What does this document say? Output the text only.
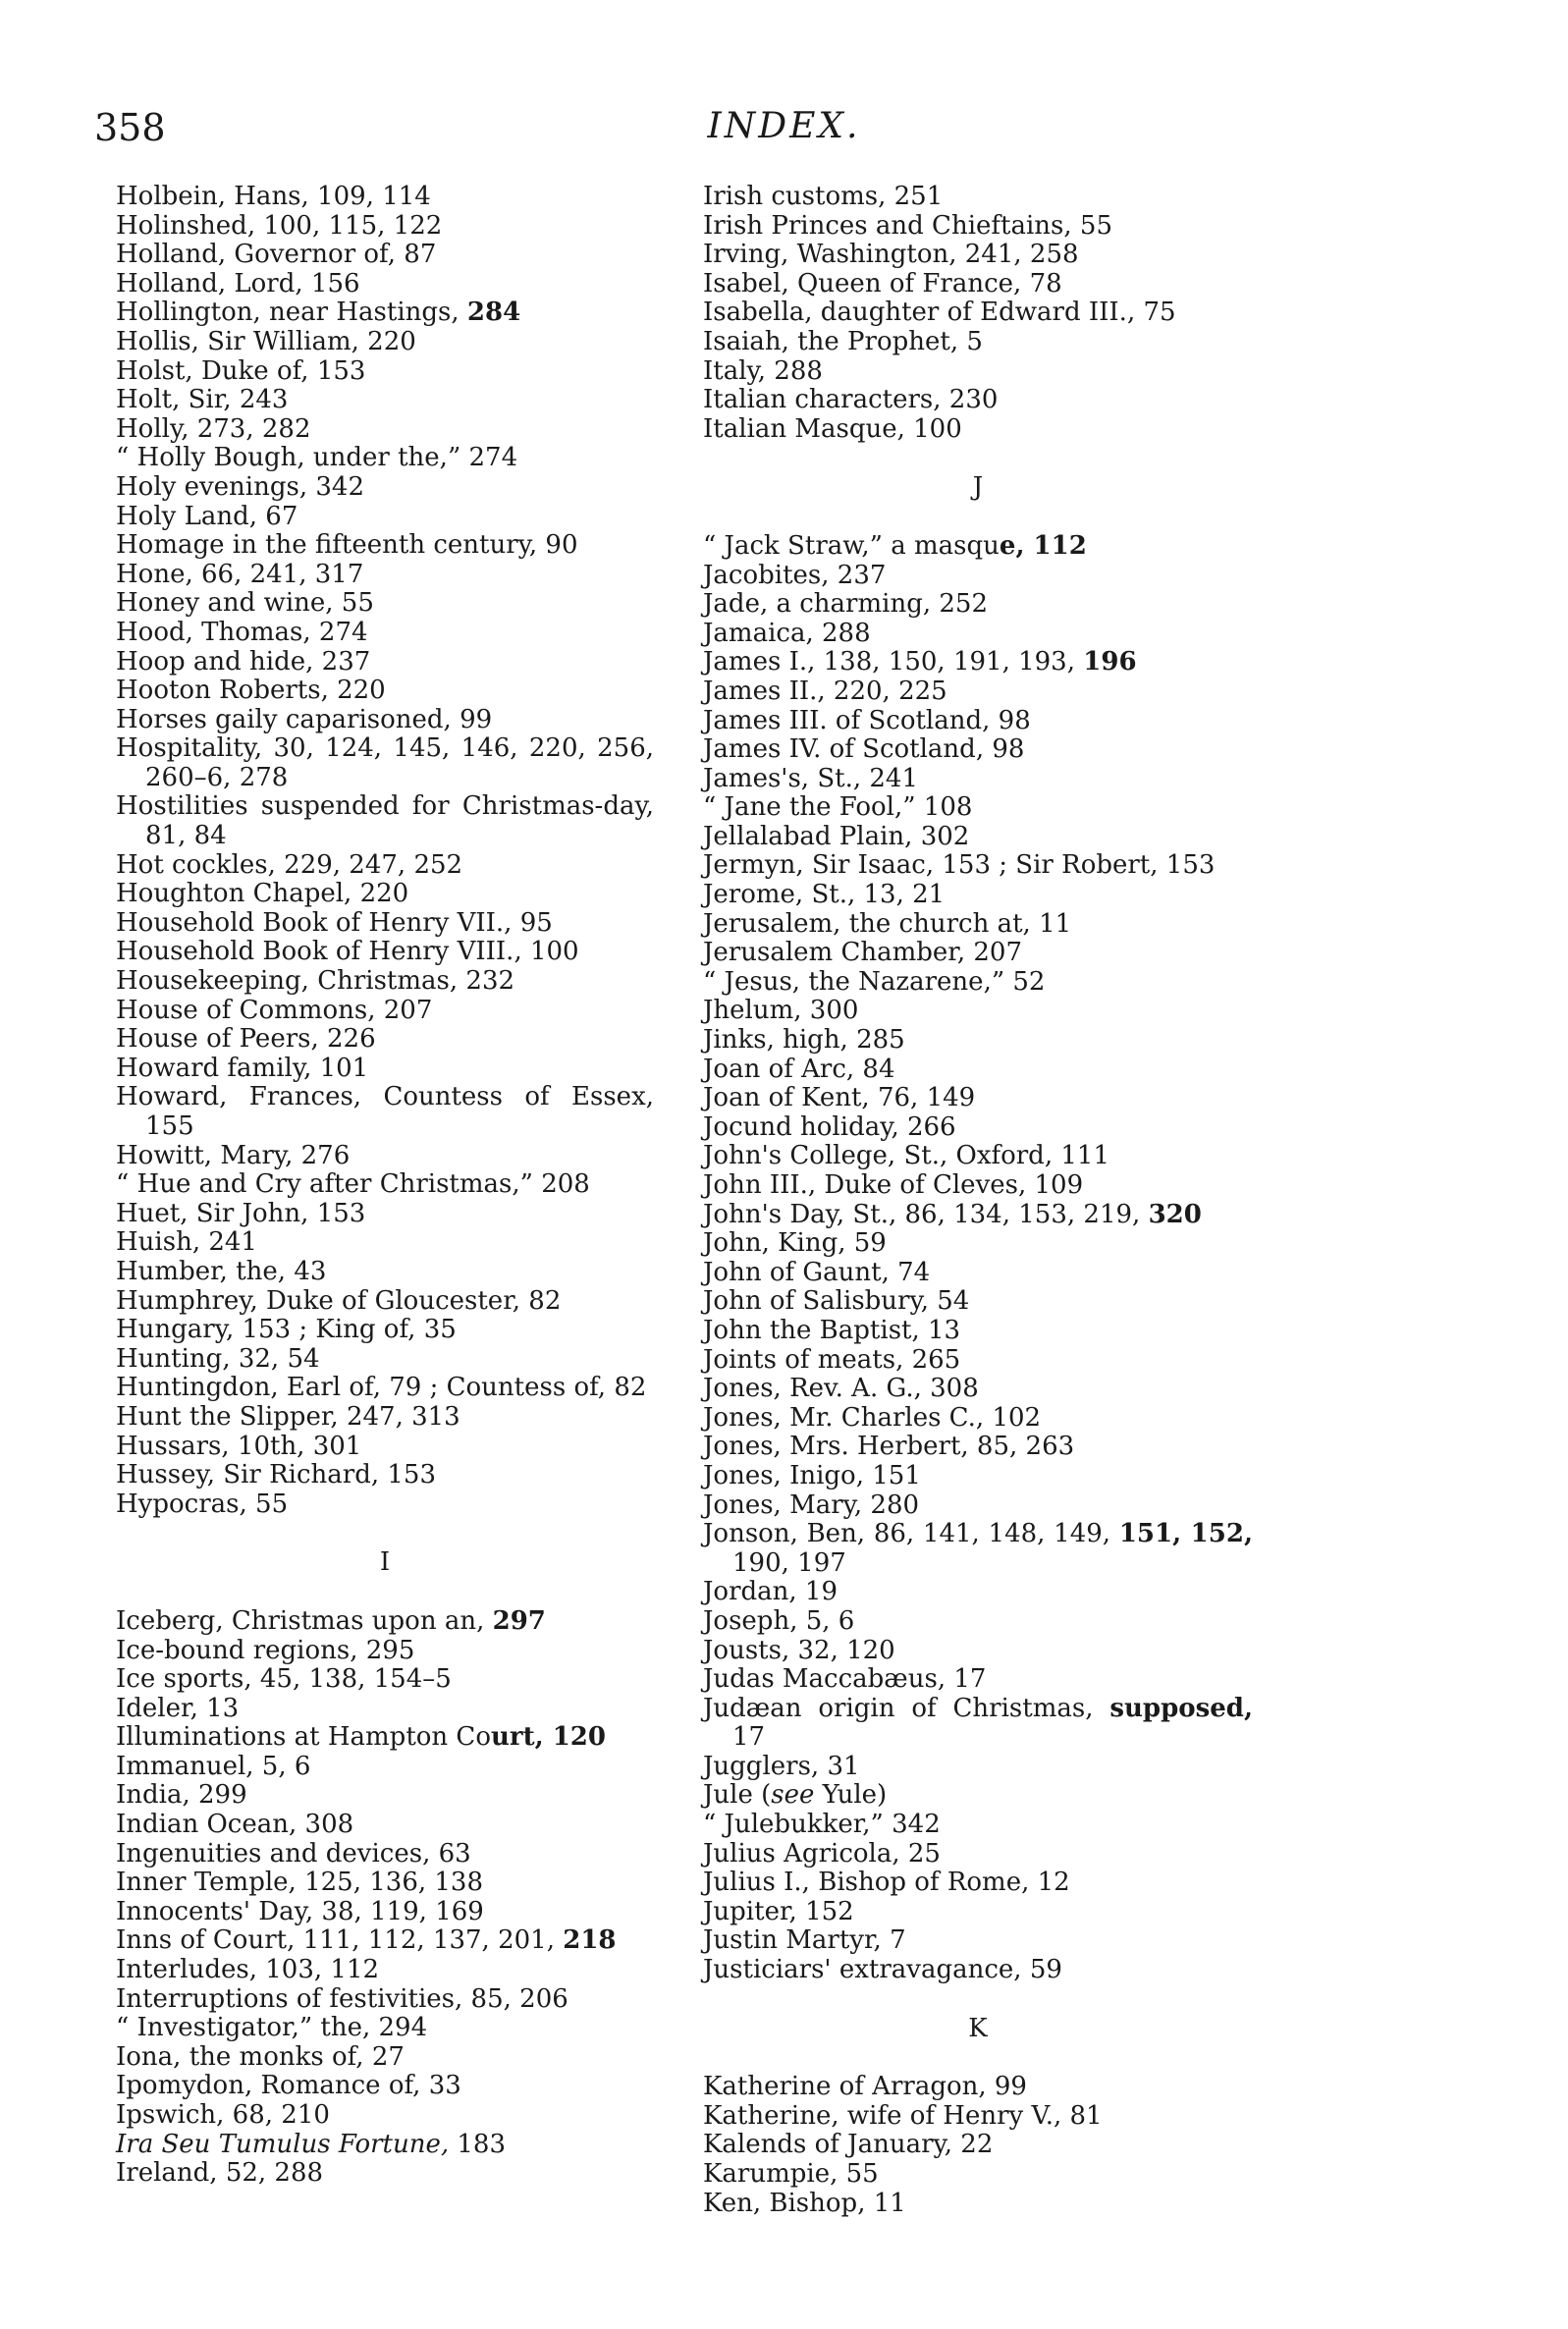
358	INDEX.

Holbein, Hans, 109, 114

Holinshed, 100, 115, 122

Holland, Governor of, 87

Holland, Lord, 156

Hollington, near Hastings, 284

Hollis, Sir William, 220

Holst, Duke of, 153

Holt, Sir, 243

Holly, 273, 282

“ Holly Bough, under the,” 274

Holy evenings, 342

Holy Land, 67

Homage in the fifteenth century, 90

Hone, 66, 241, 317

Honey and wine, 55

Hood, Thomas, 274

Hoop and hide, 237

Hooton Roberts, 220

Horses gaily caparisoned, 99

Hospitality, 30, 124, 145, 146, 220, 256, 260–6, 278

Hostilities suspended for Christmas-day, 81, 84

Hot cockles, 229, 247, 252

Houghton Chapel, 220

Household Book of Henry VII., 95

Household Book of Henry VIII., 100

Housekeeping, Christmas, 232

House of Commons, 207

House of Peers, 226

Howard family, 101

Howard, Frances, Countess of Essex, 155

Howitt, Mary, 276

“ Hue and Cry after Christmas,” 208

Huet, Sir John, 153

Huish, 241

Humber, the, 43

Humphrey, Duke of Gloucester, 82

Hungary, 153 ; King of, 35

Hunting, 32, 54

Huntingdon, Earl of, 79 ; Countess of, 82

Hunt the Slipper, 247, 313

Hussars, 10th, 301

Hussey, Sir Richard, 153

Hypocras, 55

I

Iceberg, Christmas upon an, 297

Ice-bound regions, 295

Ice sports, 45, 138, 154–5

Ideler, 13

Illuminations at Hampton Court, 120

Immanuel, 5, 6

India, 299

Indian Ocean, 308

Ingenuities and devices, 63

Inner Temple, 125, 136, 138

Innocents' Day, 38, 119, 169

Inns of Court, 111, 112, 137, 201, 218

Interludes, 103, 112

Interruptions of festivities, 85, 206

“ Investigator,” the, 294

Iona, the monks of, 27

Ipomydon, Romance of, 33

Ipswich, 68, 210

Ira Seu Tumulus Fortune, 183

Ireland, 52, 288

Irish customs, 251

Irish Princes and Chieftains, 55

Irving, Washington, 241, 258

Isabel, Queen of France, 78

Isabella, daughter of Edward III., 75

Isaiah, the Prophet, 5

Italy, 288

Italian characters, 230

Italian Masque, 100

J

“ Jack Straw,” a masque, 112

Jacobites, 237

Jade, a charming, 252

Jamaica, 288

James I., 138, 150, 191, 193, 196

James II., 220, 225

James III. of Scotland, 98

James IV. of Scotland, 98

James's, St., 241

“ Jane the Fool,” 108

Jellalabad Plain, 302

Jermyn, Sir Isaac, 153 ; Sir Robert, 153

Jerome, St., 13, 21

Jerusalem, the church at, 11

Jerusalem Chamber, 207

“ Jesus, the Nazarene,” 52

Jhelum, 300

Jinks, high, 285

Joan of Arc, 84

Joan of Kent, 76, 149

Jocund holiday, 266

John's College, St., Oxford, 111

John III., Duke of Cleves, 109

John's Day, St., 86, 134, 153, 219, 320

John, King, 59

John of Gaunt, 74

John of Salisbury, 54

John the Baptist, 13

Joints of meats, 265

Jones, Rev. A. G., 308

Jones, Mr. Charles C., 102

Jones, Mrs. Herbert, 85, 263

Jones, Inigo, 151

Jones, Mary, 280

Jonson, Ben, 86, 141, 148, 149, 151, 152, 190, 197

Jordan, 19

Joseph, 5, 6

Jousts, 32, 120

Judas Maccabæus, 17

Judæan origin of Christmas, supposed, 17

Jugglers, 31

Jule (see Yule)

“ Julebukker,” 342

Julius Agricola, 25

Julius I., Bishop of Rome, 12

Jupiter, 152

Justin Martyr, 7

Justiciars' extravagance, 59

K

Katherine of Arragon, 99

Katherine, wife of Henry V., 81

Kalends of January, 22

Karumpie, 55

Ken, Bishop, 11
